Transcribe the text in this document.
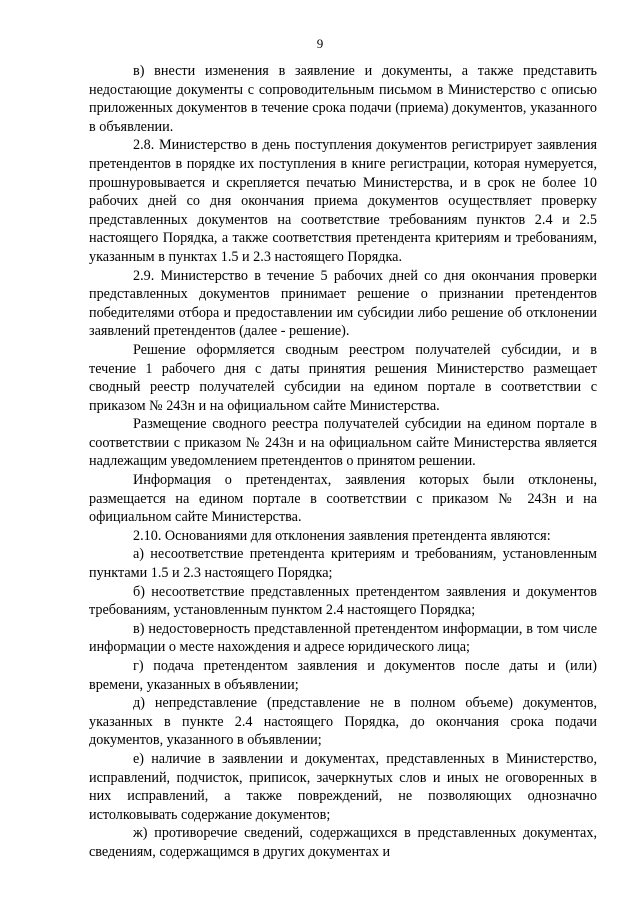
9

в) внести изменения в заявление и документы, а также представить недостающие документы с сопроводительным письмом в Министерство с описью приложенных документов в течение срока подачи (приема) документов, указанного в объявлении.

2.8. Министерство в день поступления документов регистрирует заявления претендентов в порядке их поступления в книге регистрации, которая нумеруется, прошнуровывается и скрепляется печатью Министерства, и в срок не более 10 рабочих дней со дня окончания приема документов осуществляет проверку представленных документов на соответствие требованиям пунктов 2.4 и 2.5 настоящего Порядка, а также соответствия претендента критериям и требованиям, указанным в пунктах 1.5 и 2.3 настоящего Порядка.

2.9. Министерство в течение 5 рабочих дней со дня окончания проверки представленных документов принимает решение о признании претендентов победителями отбора и предоставлении им субсидии либо решение об отклонении заявлений претендентов (далее - решение).

Решение оформляется сводным реестром получателей субсидии, и в течение 1 рабочего дня с даты принятия решения Министерство размещает сводный реестр получателей субсидии на едином портале в соответствии с приказом № 243н и на официальном сайте Министерства.

Размещение сводного реестра получателей субсидии на едином портале в соответствии с приказом № 243н и на официальном сайте Министерства является надлежащим уведомлением претендентов о принятом решении.

Информация о претендентах, заявления которых были отклонены, размещается на едином портале в соответствии с приказом № 243н и на официальном сайте Министерства.

2.10. Основаниями для отклонения заявления претендента являются:

а) несоответствие претендента критериям и требованиям, установленным пунктами 1.5 и 2.3 настоящего Порядка;

б) несоответствие представленных претендентом заявления и документов требованиям, установленным пунктом 2.4 настоящего Порядка;

в) недостоверность представленной претендентом информации, в том числе информации о месте нахождения и адресе юридического лица;

г) подача претендентом заявления и документов после даты и (или) времени, указанных в объявлении;

д) непредставление (представление не в полном объеме) документов, указанных в пункте 2.4 настоящего Порядка, до окончания срока подачи документов, указанного в объявлении;

е) наличие в заявлении и документах, представленных в Министерство, исправлений, подчисток, приписок, зачеркнутых слов и иных не оговоренных в них исправлений, а также повреждений, не позволяющих однозначно истолковывать содержание документов;

ж) противоречие сведений, содержащихся в представленных документах, сведениям, содержащимся в других документах и
